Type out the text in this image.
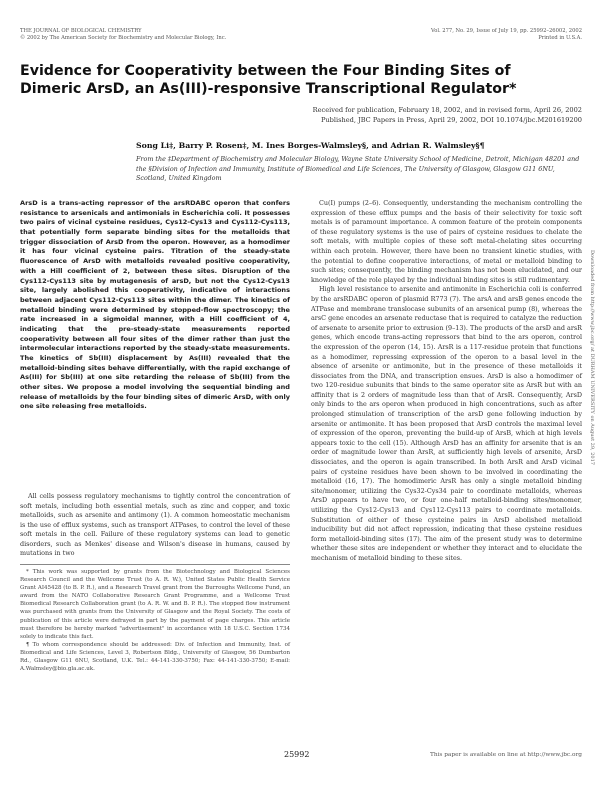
THE JOURNAL OF BIOLOGICAL CHEMISTRY
© 2002 by The American Society for Biochemistry and Molecular Biology, Inc.
Vol. 277, No. 29, Issue of July 19, pp. 25992–26002, 2002
Printed in U.S.A.
Evidence for Cooperativity between the Four Binding Sites of Dimeric ArsD, an As(III)-responsive Transcriptional Regulator*
Received for publication, February 18, 2002, and in revised form, April 26, 2002
Published, JBC Papers in Press, April 29, 2002, DOI 10.1074/jbc.M201619200
Song Li‡, Barry P. Rosen‡, M. Ines Borges-Walmsley§, and Adrian R. Walmsley§¶
From the ‡Department of Biochemistry and Molecular Biology, Wayne State University School of Medicine, Detroit, Michigan 48201 and the §Division of Infection and Immunity, Institute of Biomedical and Life Sciences, The University of Glasgow, Glasgow G11 6NU, Scotland, United Kingdom

ArsD is a trans-acting repressor of the arsRDABC operon that confers resistance to arsenicals and antimonials in Escherichia coli. It possesses two pairs of vicinal cysteine residues, Cys12-Cys13 and Cys112-Cys113, that potentially form separate binding sites for the metalloids that trigger dissociation of ArsD from the operon. However, as a homodimer it has four vicinal cysteine pairs. Titration of the steady-state fluorescence of ArsD with metalloids revealed positive cooperativity, with a Hill coefficient of 2, between these sites. Disruption of the Cys112-Cys113 site by mutagenesis of arsD, but not the Cys12-Cys13 site, largely abolished this cooperativity, indicative of interactions between adjacent Cys112-Cys113 sites within the dimer. The kinetics of metalloid binding were determined by stopped-flow spectroscopy; the rate increased in a sigmoidal manner, with a Hill coefficient of 4, indicating that the pre-steady-state measurements reported cooperativity between all four sites of the dimer rather than just the intermolecular interactions reported by the steady-state measurements. The kinetics of Sb(III) displacement by As(III) revealed that the metalloid-binding sites behave differentially, with the rapid exchange of As(III) for Sb(III) at one site retarding the release of Sb(III) from the other sites. We propose a model involving the sequential binding and release of metalloids by the four binding sites of dimeric ArsD, with only one site releasing free metalloids.

All cells possess regulatory mechanisms to tightly control the concentration of soft metals, including both essential metals, such as zinc and copper, and toxic metalloids, such as arsenite and antimony (1). A common homeostatic mechanism is the use of efflux systems, such as transport ATPases, to control the level of these soft metals in the cell. Failure of these regulatory systems can lead to genetic disorders, such as Menkes' disease and Wilson's disease in humans, caused by mutations in two

* This work was supported by grants from the Biotechnology and Biological Sciences Research Council and the Wellcome Trust (to A. R. W.), United States Public Health Service Grant AI45428 (to B. P. R.), and a Research Travel grant from the Burroughs Wellcome Fund, an award from the NATO Collaborative Research Grant Programme, and a Wellcome Trust Biomedical Research Collaboration grant (to A. R. W. and B. P. R.). The stopped flow instrument was purchased with grants from the University of Glasgow and the Royal Society. The costs of publication of this article were defrayed in part by the payment of page charges. This article must therefore be hereby marked "advertisement" in accordance with 18 U.S.C. Section 1734 solely to indicate this fact.

¶ To whom correspondence should be addressed: Div. of Infection and Immunity, Inst. of Biomedical and Life Sciences, Level 3, Robertson Bldg., University of Glasgow, 56 Dumbarton Rd., Glasgow G11 6NU, Scotland, U.K. Tel.: 44-141-330-3750; Fax: 44-141-330-3750; E-mail: A.Walmsley@bio.gla.ac.uk.

Cu(I) pumps (2–6). Consequently, understanding the mechanism controlling the expression of these efflux pumps and the basis of their selectivity for toxic soft metals is of paramount importance. A common feature of the protein components of these regulatory systems is the use of pairs of cysteine residues to chelate the soft metals, with multiple copies of these soft metal-chelating sites occurring within each protein. However, there have been no transient kinetic studies, with the potential to define cooperative interactions, of metal or metalloid binding to such sites; consequently, the binding mechanism has not been elucidated, and our knowledge of the role played by the individual binding sites is still rudimentary.

High level resistance to arsenite and antimonite in Escherichia coli is conferred by the arsRDABC operon of plasmid R773 (7). The arsA and arsB genes encode the ATPase and membrane translocase subunits of an arsenical pump (8), whereas the arsC gene encodes an arsenate reductase that is required to catalyze the reduction of arsenate to arsenite prior to extrusion (9–13). The products of the arsD and arsR genes, which encode trans-acting repressors that bind to the ars operon, control the expression of the operon (14, 15). ArsR is a 117-residue protein that functions as a homodimer, repressing expression of the operon to a basal level in the absence of arsenite or antimonite, but in the presence of these metalloids it dissociates from the DNA, and transcription ensues. ArsD is also a homodimer of two 120-residue subunits that binds to the same operator site as ArsR but with an affinity that is 2 orders of magnitude less than that of ArsR. Consequently, ArsD only binds to the ars operon when produced in high concentrations, such as after prolonged stimulation of transcription of the arsD gene following induction by arsenite or antimonite. It has been proposed that ArsD controls the maximal level of expression of the operon, preventing the build-up of ArsB, which at high levels appears toxic to the cell (15). Although ArsD has an affinity for arsenite that is an order of magnitude lower than ArsR, at sufficiently high levels of arsenite, ArsD dissociates, and the operon is again transcribed. In both ArsR and ArsD vicinal pairs of cysteine residues have been shown to be involved in coordinating the metalloid (16, 17). The homodimeric ArsR has only a single metalloid binding site/monomer, utilizing the Cys32-Cys34 pair to coordinate metalloids, whereas ArsD appears to have two, or four one-half metalloid-binding sites/monomer, utilizing the Cys12-Cys13 and Cys112-Cys113 pairs to coordinate metalloids. Substitution of either of these cysteine pairs in ArsD abolished metalloid inducibility but did not affect repression, indicating that these cysteine residues form metalloid-binding sites (17). The aim of the present study was to determine whether these sites are independent or whether they interact and to elucidate the mechanism of metalloid binding to these sites.

Downloaded from http://www.jbc.org/ at DURHAM UNIVERSITY on August 29, 2017
25992	This paper is available on line at http://www.jbc.org
